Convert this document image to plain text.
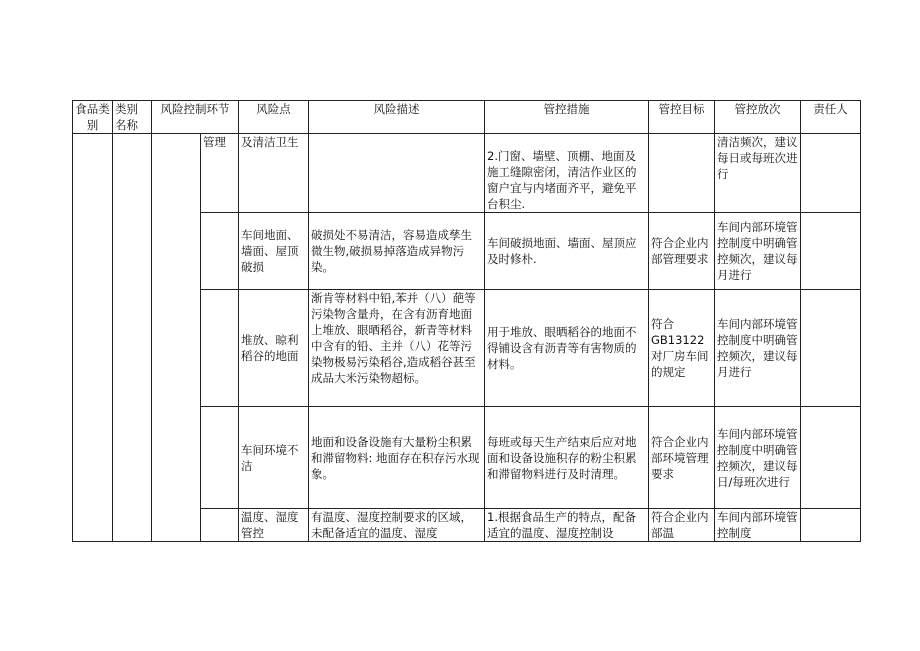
食品类别	类别名称	风险控制环节		风险点	风险描述	管控措施	管控目标	管控放次	责任人
			管理	及清洁卫生		2.门窗、墙壁、顶棚、地面及施工缝隙密闭，清洁作业区的窗户宜与内堵面齐平，避免平台积尘.		清洁频次，建议每日或每班次进行	
				车间地面、墙面、屋顶破损	破损处不易清洁，容易造成孳生微生物,破损易掉落造成异物污染。	车间破损地面、墙面、屋顶应及时修朴.	符合企业内部管理要求	车间内部环境管控制度中明确管控频次，建议每月进行	
				堆放、晾利稻谷的地面	渐肯等材料中铅,苯并（八）葩等污染物含量舟，在含有沥育地面上堆放、眼晒稻谷，新青等材料中含有的铅、主并（八）花等污染物极易污染稻谷,造成稻谷甚至成品大米污染物超标。	用于堆放、眼晒稻谷的地面不得铺设含有沥青等有害物质的材料。	符合GB13122对厂房车间的规定	车间内部环境管控制度中明确管控频次，建议每月进行	
				车间环境不洁	地面和设备设施有大量粉尘积累和滞留物料: 地面存在积存污水现象。	每班或每天生产结束后应对地面和设备设施积存的粉尘积累和滞留物料进行及时清理。	符合企业内部环境管理要求	车间内部环境管控制度中明确管控频次，建议每日/每班次进行	
				温度、湿度管控	有温度、湿度控制要求的区域，未配备适宜的温度、湿度	1.根据食品生产的特点，配备适宜的温度、湿度控制设	符合企业内部温	车间内部环境管控制度	
